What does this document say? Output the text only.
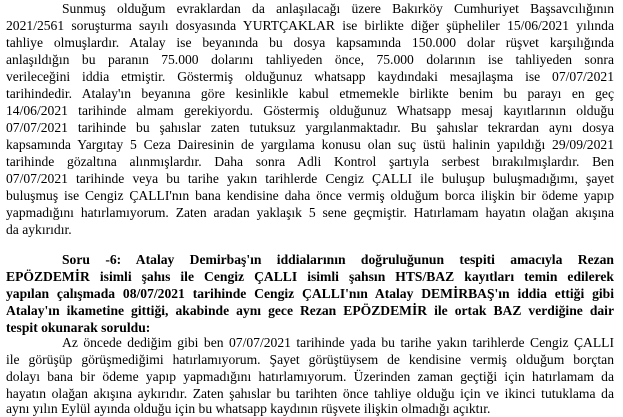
Sunmuş olduğum evraklardan da anlaşılacağı üzere Bakırköy Cumhuriyet Başsavcılığının
2021/2561 soruşturma sayılı dosyasında YURTÇAKLAR ise birlikte diğer şüpheliler 15/06/2021 yılında
tahliye olmuşlardır. Atalay ise beyanında bu dosya kapsamında 150.000 dolar rüşvet karşılığında
anlaşıldığın bu paranın 75.000 dolarını tahliyeden önce, 75.000 dolarının ise tahliyeden sonra
verileceğini iddia etmiştir. Göstermiş olduğunuz whatsapp kaydındaki mesajlaşma ise 07/07/2021
tarihindedir. Atalay'ın beyanına göre kesinlikle kabul etmemekle birlikte benim bu parayı en geç
14/06/2021 tarihinde almam gerekiyordu. Göstermiş olduğunuz Whatsapp mesaj kayıtlarının olduğu
07/07/2021 tarihinde bu şahıslar zaten tutuksuz yargılanmaktadır. Bu şahıslar tekrardan aynı dosya
kapsamında Yargıtay 5 Ceza Dairesinin de yargılama konusu olan suç üstü halinin yapıldığı 29/09/2021
tarihinde gözaltına alınmışlardır. Daha sonra Adli Kontrol şartıyla serbest bırakılmışlardır. Ben
07/07/2021 tarihinde veya bu tarihe yakın tarihlerde Cengiz ÇALLI ile buluşup buluşmadığımı, şayet
buluşmuş ise Cengiz ÇALLI'nın bana kendisine daha önce vermiş olduğum borca ilişkin bir ödeme yapıp
yapmadığını hatırlamıyorum. Zaten aradan yaklaşık 5 sene geçmiştir. Hatırlamam hayatın olağan akışına
da aykırıdır.
Soru -6: Atalay Demirbaş'ın iddialarının doğruluğunun tespiti amacıyla Rezan
EPÖZDEMİR isimli şahıs ile Cengiz ÇALLI isimli şahsın HTS/BAZ kayıtları temin edilerek
yapılan çalışmada 08/07/2021 tarihinde Cengiz ÇALLI'nın Atalay DEMİRBAŞ'ın iddia ettiği gibi
Atalay'ın ikametine gittiği, akabinde aynı gece Rezan EPÖZDEMİR ile ortak BAZ verdiğine dair
tespit okunarak soruldu:
Az öncede dediğim gibi ben 07/07/2021 tarihinde yada bu tarihe yakın tarihlerde Cengiz ÇALLI
ile görüşüp görüşmediğimi hatırlamıyorum. Şayet görüştüysem de kendisine vermiş olduğum borçtan
dolayı bana bir ödeme yapıp yapmadığını hatırlamıyorum. Üzerinden zaman geçtiği için hatırlamam da
hayatın olağan akışına aykırıdır. Zaten şahıslar bu tarihten önce tahliye olduğu için ve ikinci tutuklama da
aynı yılın Eylül ayında olduğu için bu whatsapp kaydının rüşvete ilişkin olmadığı açıktır.
